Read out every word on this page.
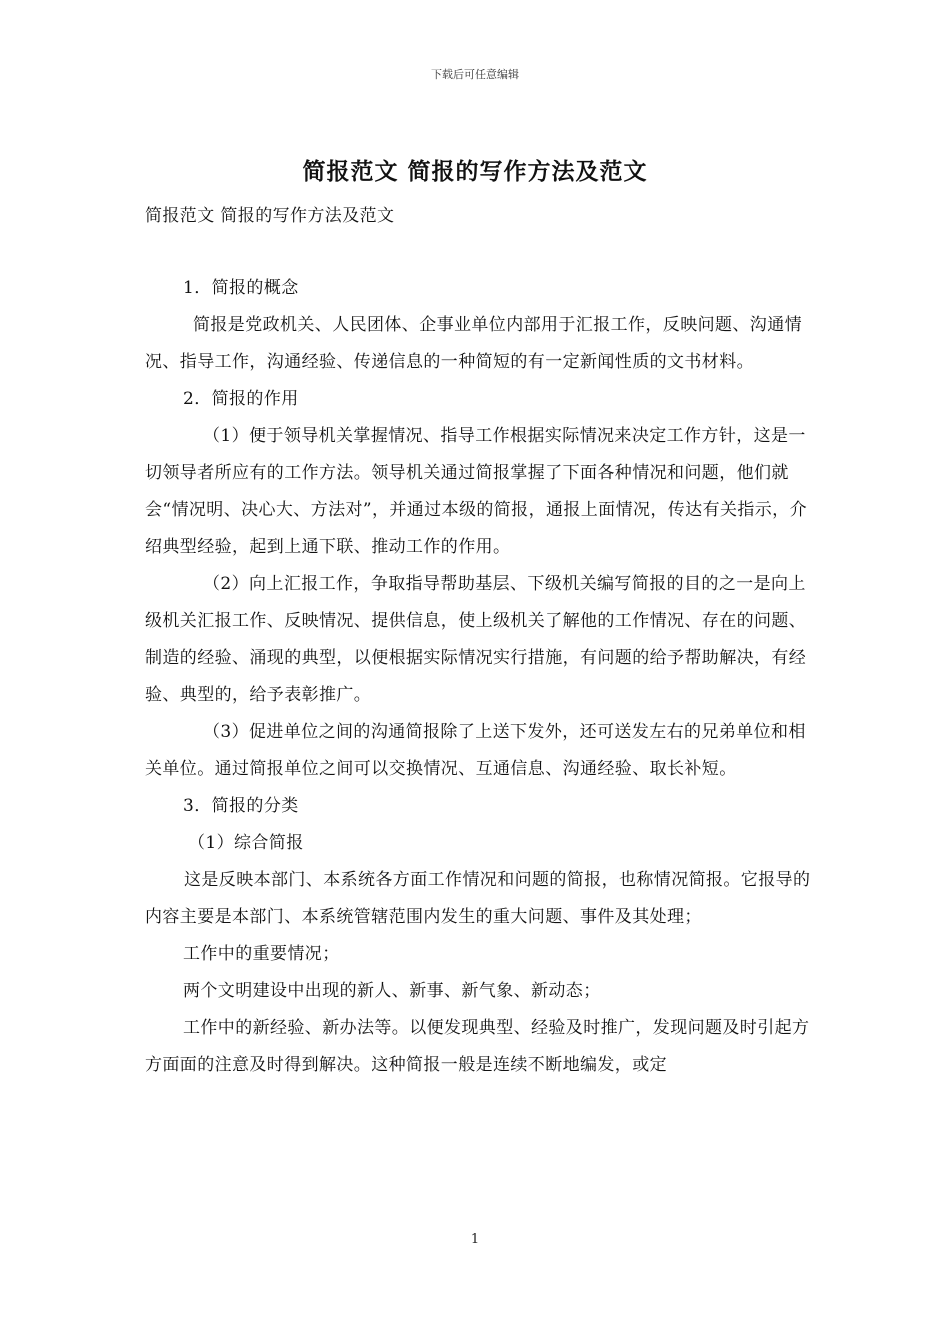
下载后可任意编辑
简报范文 简报的写作方法及范文
简报范文 简报的写作方法及范文

1．简报的概念

简报是党政机关、人民团体、企事业单位内部用于汇报工作，反映问题、沟通情况、指导工作，沟通经验、传递信息的一种简短的有一定新闻性质的文书材料。

2．简报的作用

（1）便于领导机关掌握情况、指导工作根据实际情况来决定工作方针，这是一切领导者所应有的工作方法。领导机关通过简报掌握了下面各种情况和问题，他们就会“情况明、决心大、方法对”，并通过本级的简报，通报上面情况，传达有关指示，介绍典型经验，起到上通下联、推动工作的作用。

（2）向上汇报工作，争取指导帮助基层、下级机关编写简报的目的之一是向上级机关汇报工作、反映情况、提供信息，使上级机关了解他的工作情况、存在的问题、制造的经验、涌现的典型，以便根据实际情况实行措施，有问题的给予帮助解决，有经验、典型的，给予表彰推广。

（3）促进单位之间的沟通简报除了上送下发外，还可送发左右的兄弟单位和相关单位。通过简报单位之间可以交换情况、互通信息、沟通经验、取长补短。

3．简报的分类

（1）综合简报

这是反映本部门、本系统各方面工作情况和问题的简报，也称情况简报。它报导的内容主要是本部门、本系统管辖范围内发生的重大问题、事件及其处理；

工作中的重要情况；

两个文明建设中出现的新人、新事、新气象、新动态；

工作中的新经验、新办法等。以便发现典型、经验及时推广，发现问题及时引起方方面面的注意及时得到解决。这种简报一般是连续不断地编发，或定

1
